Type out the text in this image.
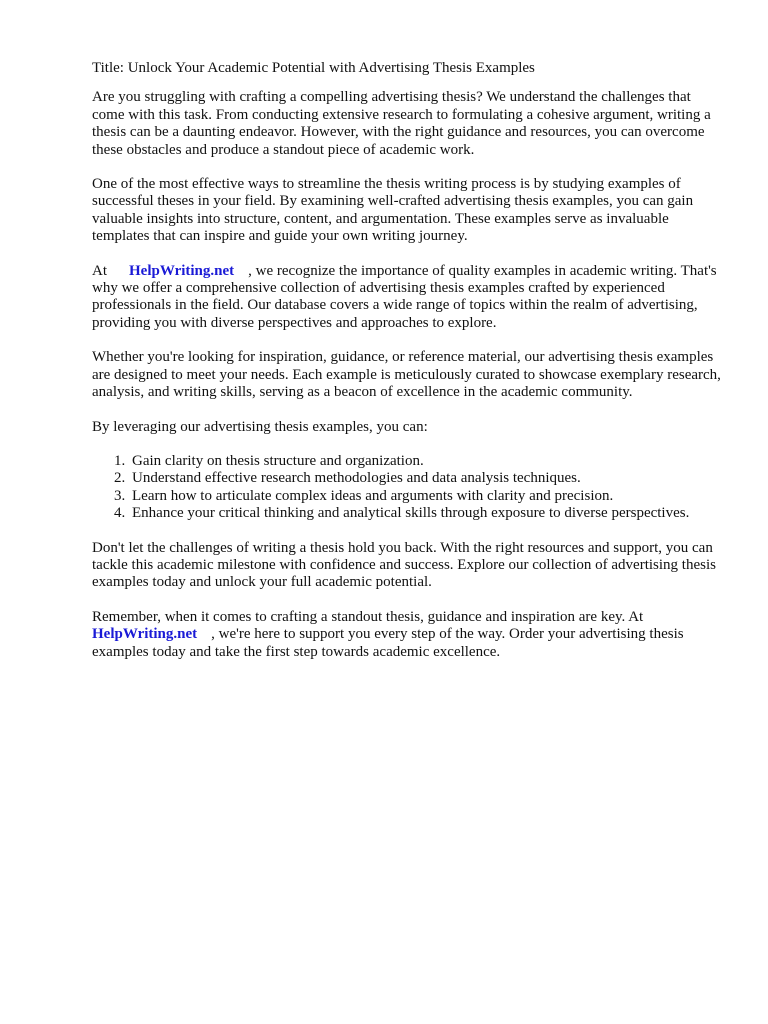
Title: Unlock Your Academic Potential with Advertising Thesis Examples

Are you struggling with crafting a compelling advertising thesis? We understand the challenges that come with this task. From conducting extensive research to formulating a cohesive argument, writing a thesis can be a daunting endeavor. However, with the right guidance and resources, you can overcome these obstacles and produce a standout piece of academic work.

One of the most effective ways to streamline the thesis writing process is by studying examples of successful theses in your field. By examining well-crafted advertising thesis examples, you can gain valuable insights into structure, content, and argumentation. These examples serve as invaluable templates that can inspire and guide your own writing journey.

At HelpWriting.net , we recognize the importance of quality examples in academic writing. That's why we offer a comprehensive collection of advertising thesis examples crafted by experienced professionals in the field. Our database covers a wide range of topics within the realm of advertising, providing you with diverse perspectives and approaches to explore.

Whether you're looking for inspiration, guidance, or reference material, our advertising thesis examples are designed to meet your needs. Each example is meticulously curated to showcase exemplary research, analysis, and writing skills, serving as a beacon of excellence in the academic community.

By leveraging our advertising thesis examples, you can:

1. Gain clarity on thesis structure and organization.
2. Understand effective research methodologies and data analysis techniques.
3. Learn how to articulate complex ideas and arguments with clarity and precision.
4. Enhance your critical thinking and analytical skills through exposure to diverse perspectives.

Don't let the challenges of writing a thesis hold you back. With the right resources and support, you can tackle this academic milestone with confidence and success. Explore our collection of advertising thesis examples today and unlock your full academic potential.

Remember, when it comes to crafting a standout thesis, guidance and inspiration are key. At
HelpWriting.net , we're here to support you every step of the way. Order your advertising thesis examples today and take the first step towards academic excellence.
